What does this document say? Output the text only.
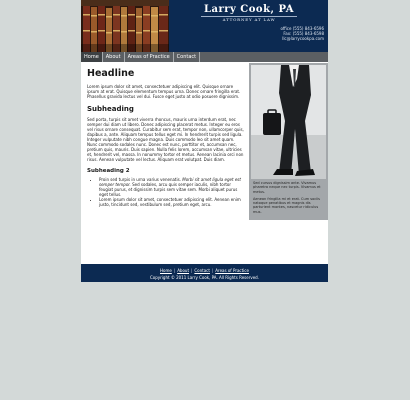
Larry Cook, PA
ATTORNEY AT LAW
office (555) 843-6596
Fax: (555) 843-6598
llc@larrycookpa.com
Home	About	Areas of Practice	Contact
Headline

Lorem ipsum dolor sit amet, consectetuer adipiscing elit. Quisque ornare ipsum at erat. Quisque elementum tempus urna. Donec ornare fringilla erat. Phasellus gravida lectus vel dui. Fusce eget justo at odio posuere dignissim.

Subheading

Sed porta, turpis sit amet viverra rhoncus, mauris urna interdum erat, nec semper dui diam ut libero. Donec adipiscing placerat metus. Integer eu eros vel risus ornare consequat. Curabitur sem erat, tempor non, ullamcorper quis, dapibus a, ante. Aliquam tempus tellus eget mi. In hendrerit turpis sed ligula. Integer vulputate nibh congue magna. Duis commodo leo sit amet quam. Nunc commodo sodales nunc. Donec est nunc, porttitor et, accumsan nec, pretium quis, mauris. Duis sapien. Nulla felis lorem, accumsan vitae, ultricies et, hendrerit vel, massa. In nonummy tortor et metus. Aenean lacinia orci non risus. Aenean vulputate vel lectus. Aliquam erat volutpat. Duis diam.

Subheading 2
• Proin sed turpis in urna varius venenatis. Morbi sit amet ligula eget est semper tempor. Sed sodales, arcu quis semper iaculis, nibh tortor feugiat purus, et dignissim turpis sem vitae sem. Morbi aliquet purus eget tellus.
• Lorem ipsum dolor sit amet, consectetuer adipiscing elit. Aenean enim justo, tincidunt sed, vestibulum sed, pretium eget, arcu.

Sed cursus dignissim ante. Vivamus pharetra neque nec turpis. Vivamus et metus.

Aenean fringilla mi et erat. Cum sociis natoque penatibus et magnis dis parturient montes, nascetur ridiculus mus.

Home | About | Contact | Areas of Practice
Copyright © 2011 Larry Cook, PA. All Rights Reserved.
